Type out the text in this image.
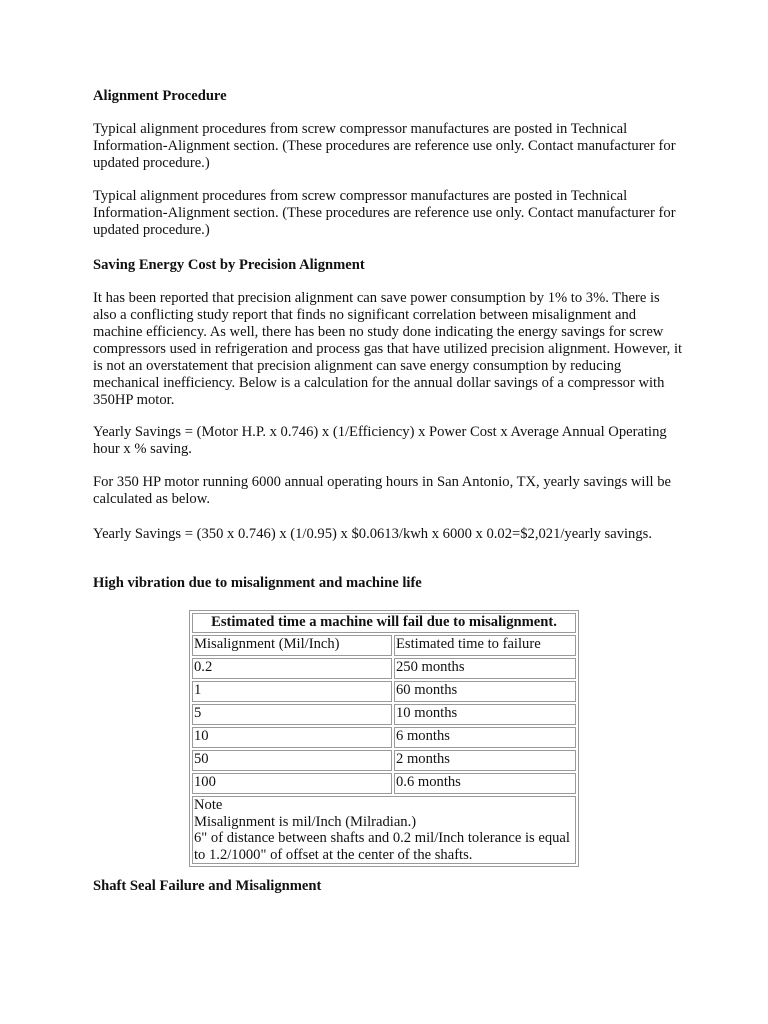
Alignment Procedure

Typical alignment procedures from screw compressor manufactures are posted in Technical Information-Alignment section. (These procedures are reference use only. Contact manufacturer for updated procedure.)

Typical alignment procedures from screw compressor manufactures are posted in Technical Information-Alignment section. (These procedures are reference use only. Contact manufacturer for updated procedure.)

Saving Energy Cost by Precision Alignment

It has been reported that precision alignment can save power consumption by 1% to 3%. There is also a conflicting study report that finds no significant correlation between misalignment and machine efficiency. As well, there has been no study done indicating the energy savings for screw compressors used in refrigeration and process gas that have utilized precision alignment. However, it is not an overstatement that precision alignment can save energy consumption by reducing mechanical inefficiency. Below is a calculation for the annual dollar savings of a compressor with 350HP motor.

Yearly Savings = (Motor H.P. x 0.746) x (1/Efficiency) x Power Cost x Average Annual Operating hour x % saving.

For 350 HP motor running 6000 annual operating hours in San Antonio, TX, yearly savings will be calculated as below.

Yearly Savings = (350 x 0.746) x (1/0.95) x $0.0613/kwh x 6000 x 0.02=$2,021/yearly savings.

High vibration due to misalignment and machine life

Estimated time a machine will fail due to misalignment.	
Misalignment (Mil/Inch)	Estimated time to failure
0.2	250 months
1	60 months
5	10 months
10	6 months
50	2 months
100	0.6 months

Note
Misalignment is mil/Inch (Milradian.)
6" of distance between shafts and 0.2 mil/Inch tolerance is equal to 1.2/1000" of offset at the center of the shafts.	

Shaft Seal Failure and Misalignment
